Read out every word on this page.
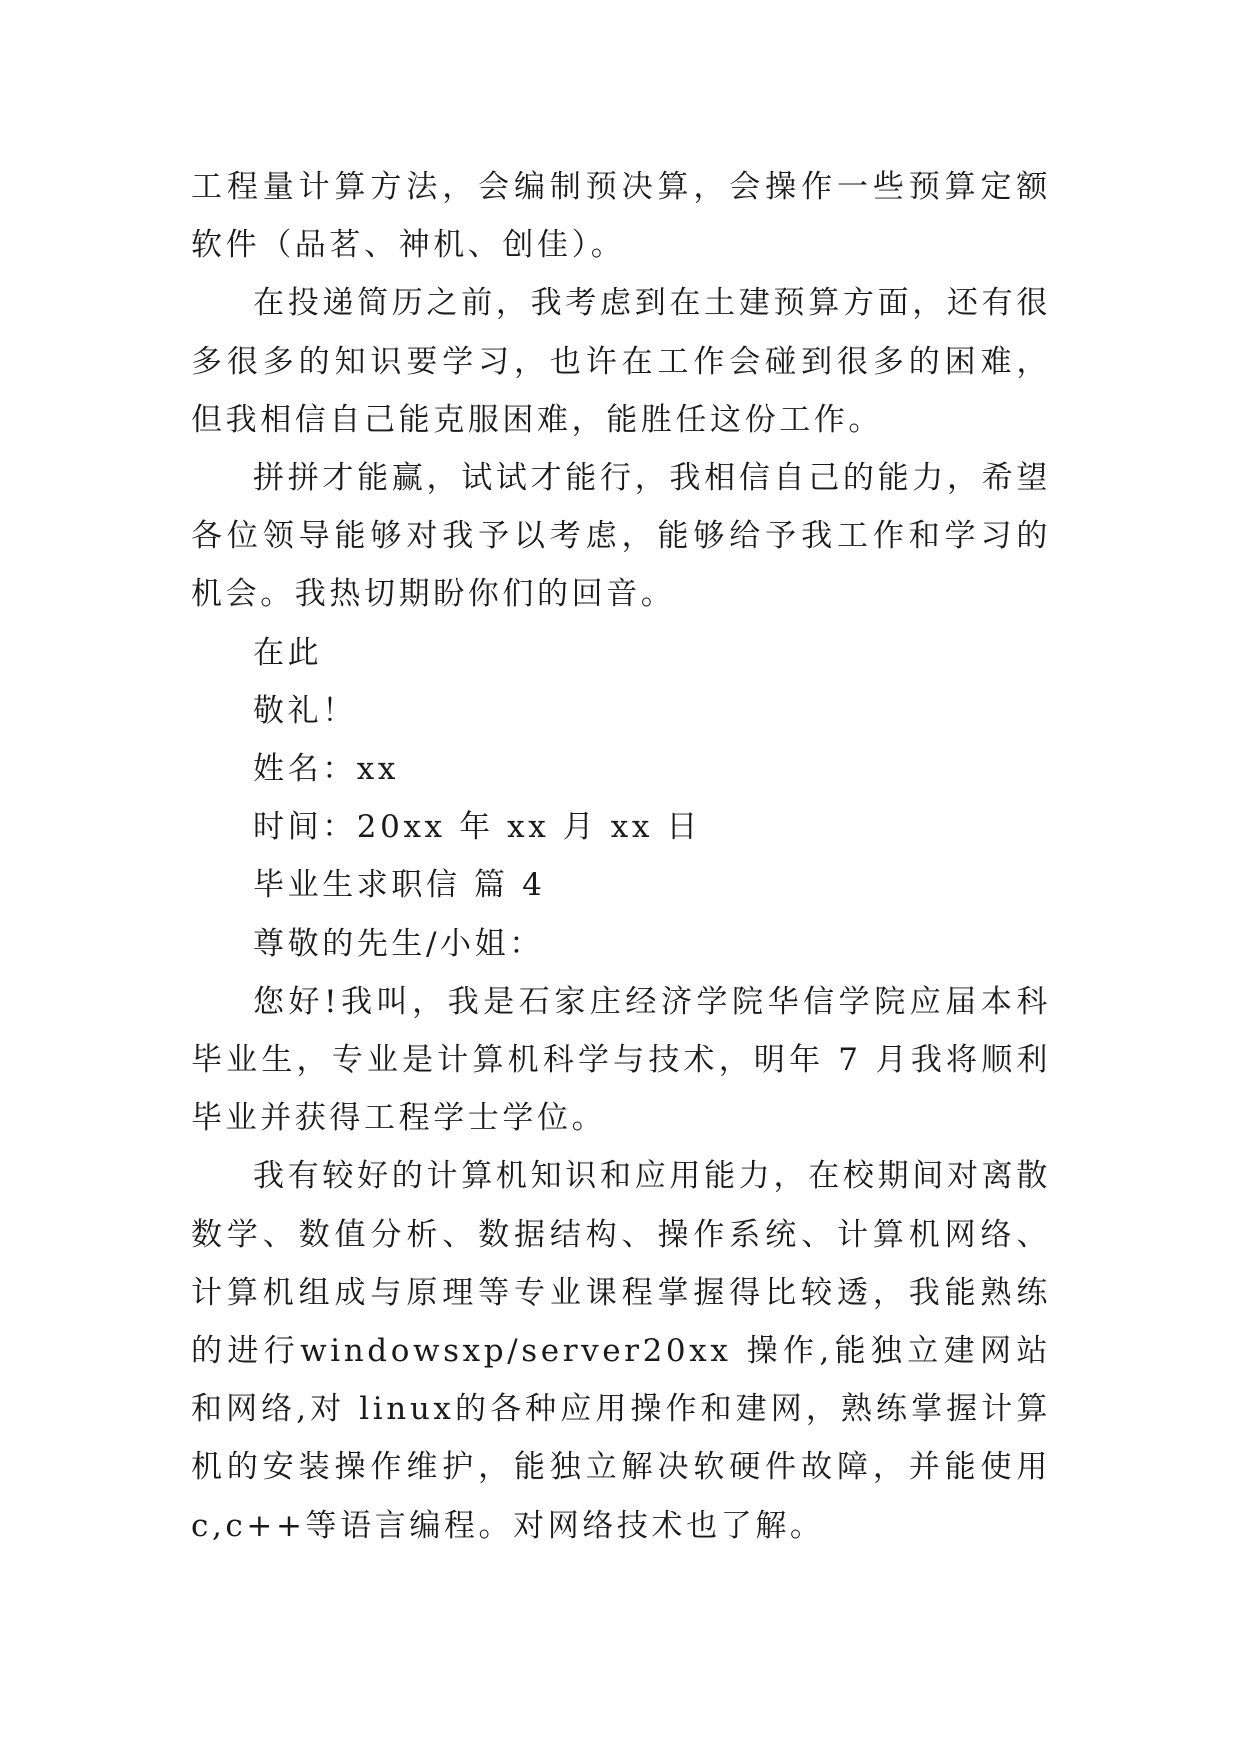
工程量计算方法，会编制预决算，会操作一些预算定额软件（品茗、神机、创佳）。

在投递简历之前，我考虑到在土建预算方面，还有很多很多的知识要学习，也许在工作会碰到很多的困难，但我相信自己能克服困难，能胜任这份工作。

拼拼才能赢，试试才能行，我相信自己的能力，希望各位领导能够对我予以考虑，能够给予我工作和学习的机会。我热切期盼你们的回音。

在此

敬礼！

姓名：xx

时间：20xx 年 xx 月 xx 日

毕业生求职信 篇 4

尊敬的先生/小姐：

您好!我叫，我是石家庄经济学院华信学院应届本科毕业生，专业是计算机科学与技术，明年 7 月我将顺利毕业并获得工程学士学位。

我有较好的计算机知识和应用能力，在校期间对离散数学、数值分析、数据结构、操作系统、计算机网络、计算机组成与原理等专业课程掌握得比较透，我能熟练的进行windowsxp/server20xx 操作,能独立建网站和网络,对 linux的各种应用操作和建网，熟练掌握计算机的安装操作维护，能独立解决软硬件故障，并能使用 c,c++等语言编程。对网络技术也了解。
